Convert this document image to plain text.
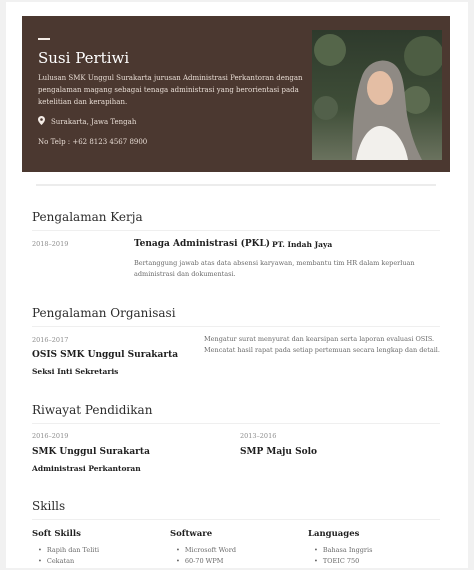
Susi Pertiwi
Lulusan SMK Unggul Surakarta jurusan Administrasi Perkantoran dengan pengalaman magang sebagai tenaga administrasi yang berorientasi pada ketelitian dan kerapihan.
Surakarta, Jawa Tengah
No Telp : +62 8123 4567 8900
Pengalaman Kerja
2018–2019	Tenaga Administrasi (PKL) PT. Indah Jaya
Bertanggung jawab atas data absensi karyawan, membantu tim HR dalam keperluan administrasi dan dokumentasi.
Pengalaman Organisasi
2016–2017
OSIS SMK Unggul Surakarta
Seksi Inti Sekretaris
Mengatur surat menyurat dan kearsipan serta laporan evaluasi OSIS. Mencatat hasil rapat pada setiap pertemuan secara lengkap dan detail.
Riwayat Pendidikan
2016–2019
SMK Unggul Surakarta
Administrasi Perkantoran
2013–2016
SMP Maju Solo
Skills
Soft Skills
• Rapih dan Teliti
• Cekatan
Software
• Microsoft Word
• 60-70 WPM
Languages
• Bahasa Inggris
• TOEIC 750
